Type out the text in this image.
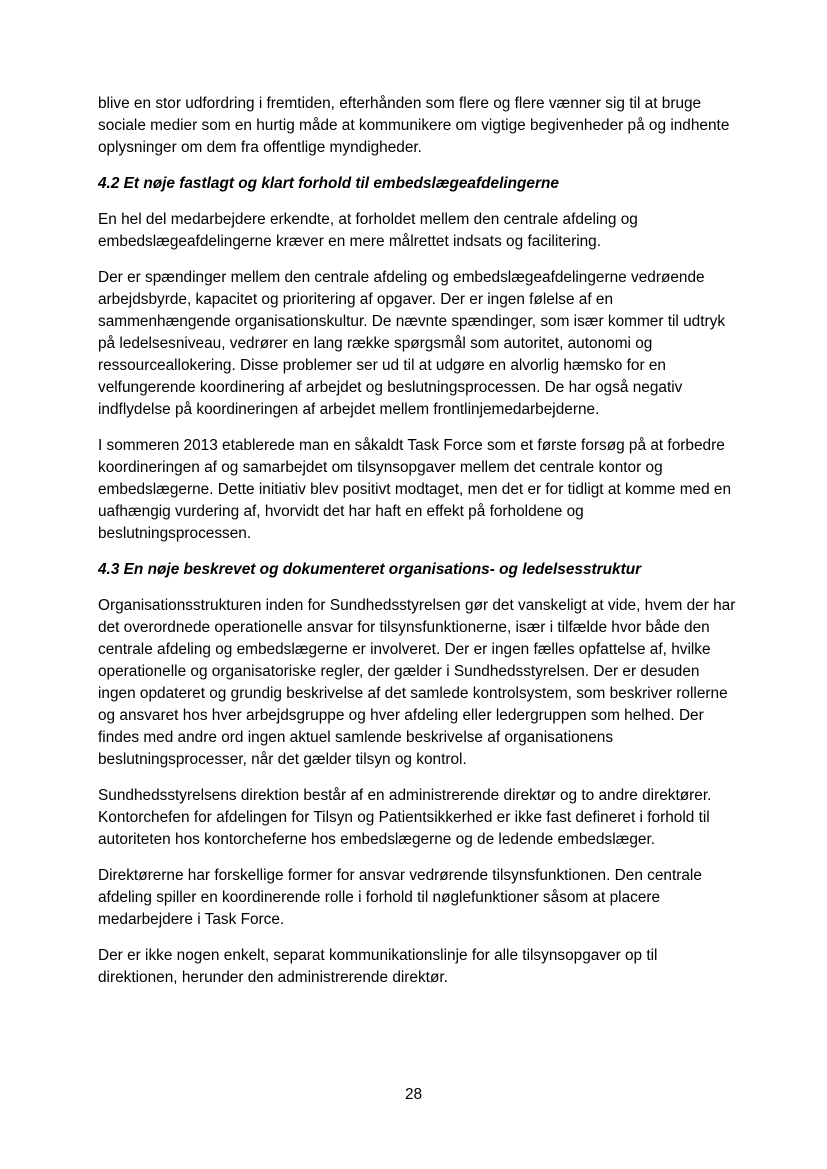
blive en stor udfordring i fremtiden, efterhånden som flere og flere vænner sig til at bruge sociale medier som en hurtig måde at kommunikere om vigtige begivenheder på og indhente oplysninger om dem fra offentlige myndigheder.

4.2 Et nøje fastlagt og klart forhold til embedslægeafdelingerne

En hel del medarbejdere erkendte, at forholdet mellem den centrale afdeling og embedslægeafdelingerne kræver en mere målrettet indsats og facilitering.

Der er spændinger mellem den centrale afdeling og embedslægeafdelingerne vedrøende arbejdsbyrde, kapacitet og prioritering af opgaver. Der er ingen følelse af en sammenhængende organisationskultur. De nævnte spændinger, som især kommer til udtryk på ledelsesniveau, vedrører en lang række spørgsmål som autoritet, autonomi og ressourceallokering. Disse problemer ser ud til at udgøre en alvorlig hæmsko for en velfungerende koordinering af arbejdet og beslutningsprocessen. De har også negativ indflydelse på koordineringen af arbejdet mellem frontlinjemedarbejderne.

I sommeren 2013 etablerede man en såkaldt Task Force som et første forsøg på at forbedre koordineringen af og samarbejdet om tilsynsopgaver mellem det centrale kontor og embedslægerne. Dette initiativ blev positivt modtaget, men det er for tidligt at komme med en uafhængig vurdering af, hvorvidt det har haft en effekt på forholdene og beslutningsprocessen.

4.3 En nøje beskrevet og dokumenteret organisations- og ledelsesstruktur

Organisationsstrukturen inden for Sundhedsstyrelsen gør det vanskeligt at vide, hvem der har det overordnede operationelle ansvar for tilsynsfunktionerne, især i tilfælde hvor både den centrale afdeling og embedslægerne er involveret. Der er ingen fælles opfattelse af, hvilke operationelle og organisatoriske regler, der gælder i Sundhedsstyrelsen. Der er desuden ingen opdateret og grundig beskrivelse af det samlede kontrolsystem, som beskriver rollerne og ansvaret hos hver arbejdsgruppe og hver afdeling eller ledergruppen som helhed. Der findes med andre ord ingen aktuel samlende beskrivelse af organisationens beslutningsprocesser, når det gælder tilsyn og kontrol.

Sundhedsstyrelsens direktion består af en administrerende direktør og to andre direktører. Kontorchefen for afdelingen for Tilsyn og Patientsikkerhed er ikke fast defineret i forhold til autoriteten hos kontorcheferne hos embedslægerne og de ledende embedslæger.

Direktørerne har forskellige former for ansvar vedrørende tilsynsfunktionen. Den centrale afdeling spiller en koordinerende rolle i forhold til nøglefunktioner såsom at placere medarbejdere i Task Force.

Der er ikke nogen enkelt, separat kommunikationslinje for alle tilsynsopgaver op til direktionen, herunder den administrerende direktør.

28
